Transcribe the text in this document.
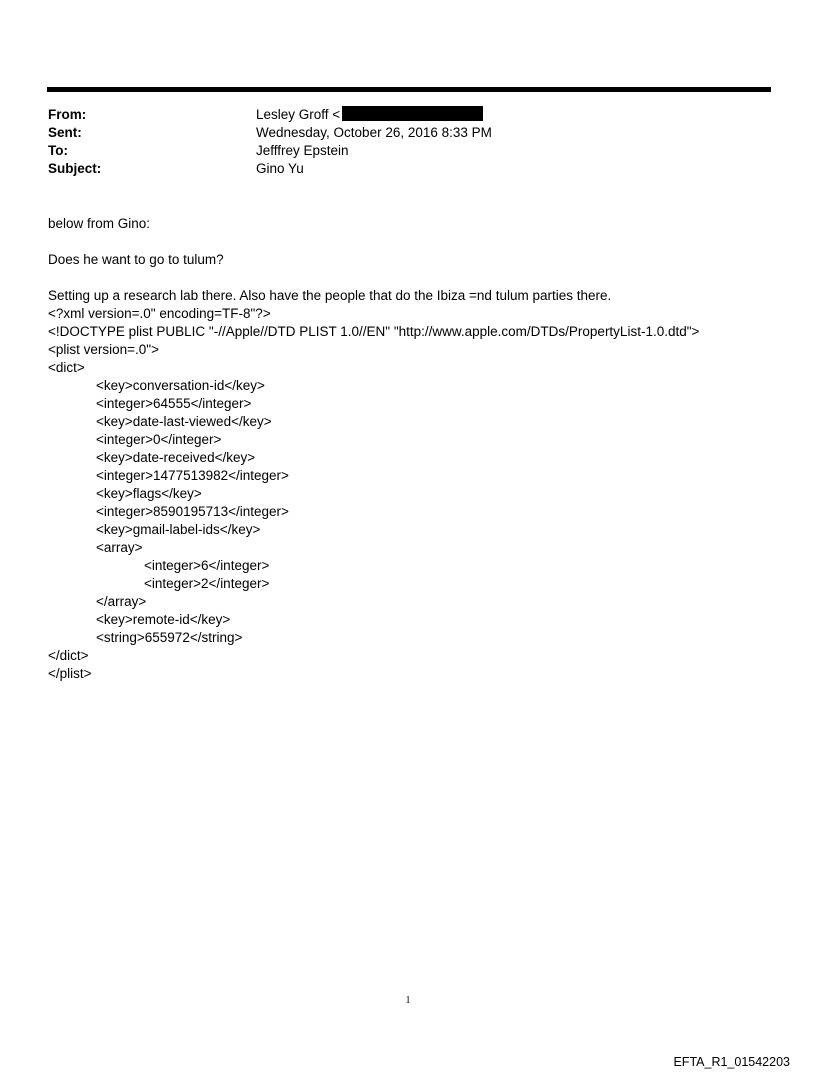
From:	Lesley Groff <
Sent:	Wednesday, October 26, 2016 8:33 PM
To:	Jefffrey Epstein
Subject:	Gino Yu

below from Gino:

Does he want to go to tulum?

Setting up a research lab there. Also have the people that do the Ibiza =nd tulum parties there.

<?xml version=.0" encoding=TF-8"?>

<!DOCTYPE plist PUBLIC "-//Apple//DTD PLIST 1.0//EN" "http://www.apple.com/DTDs/PropertyList-1.0.dtd">

<plist version=.0">

<dict>

<key>conversation-id</key>

<integer>64555</integer>

<key>date-last-viewed</key>

<integer>0</integer>

<key>date-received</key>

<integer>1477513982</integer>

<key>flags</key>

<integer>8590195713</integer>

<key>gmail-label-ids</key>

<array>

<integer>6</integer>

<integer>2</integer>

</array>

<key>remote-id</key>

<string>655972</string>

</dict>

</plist>

1
EFTA_R1_01542203
